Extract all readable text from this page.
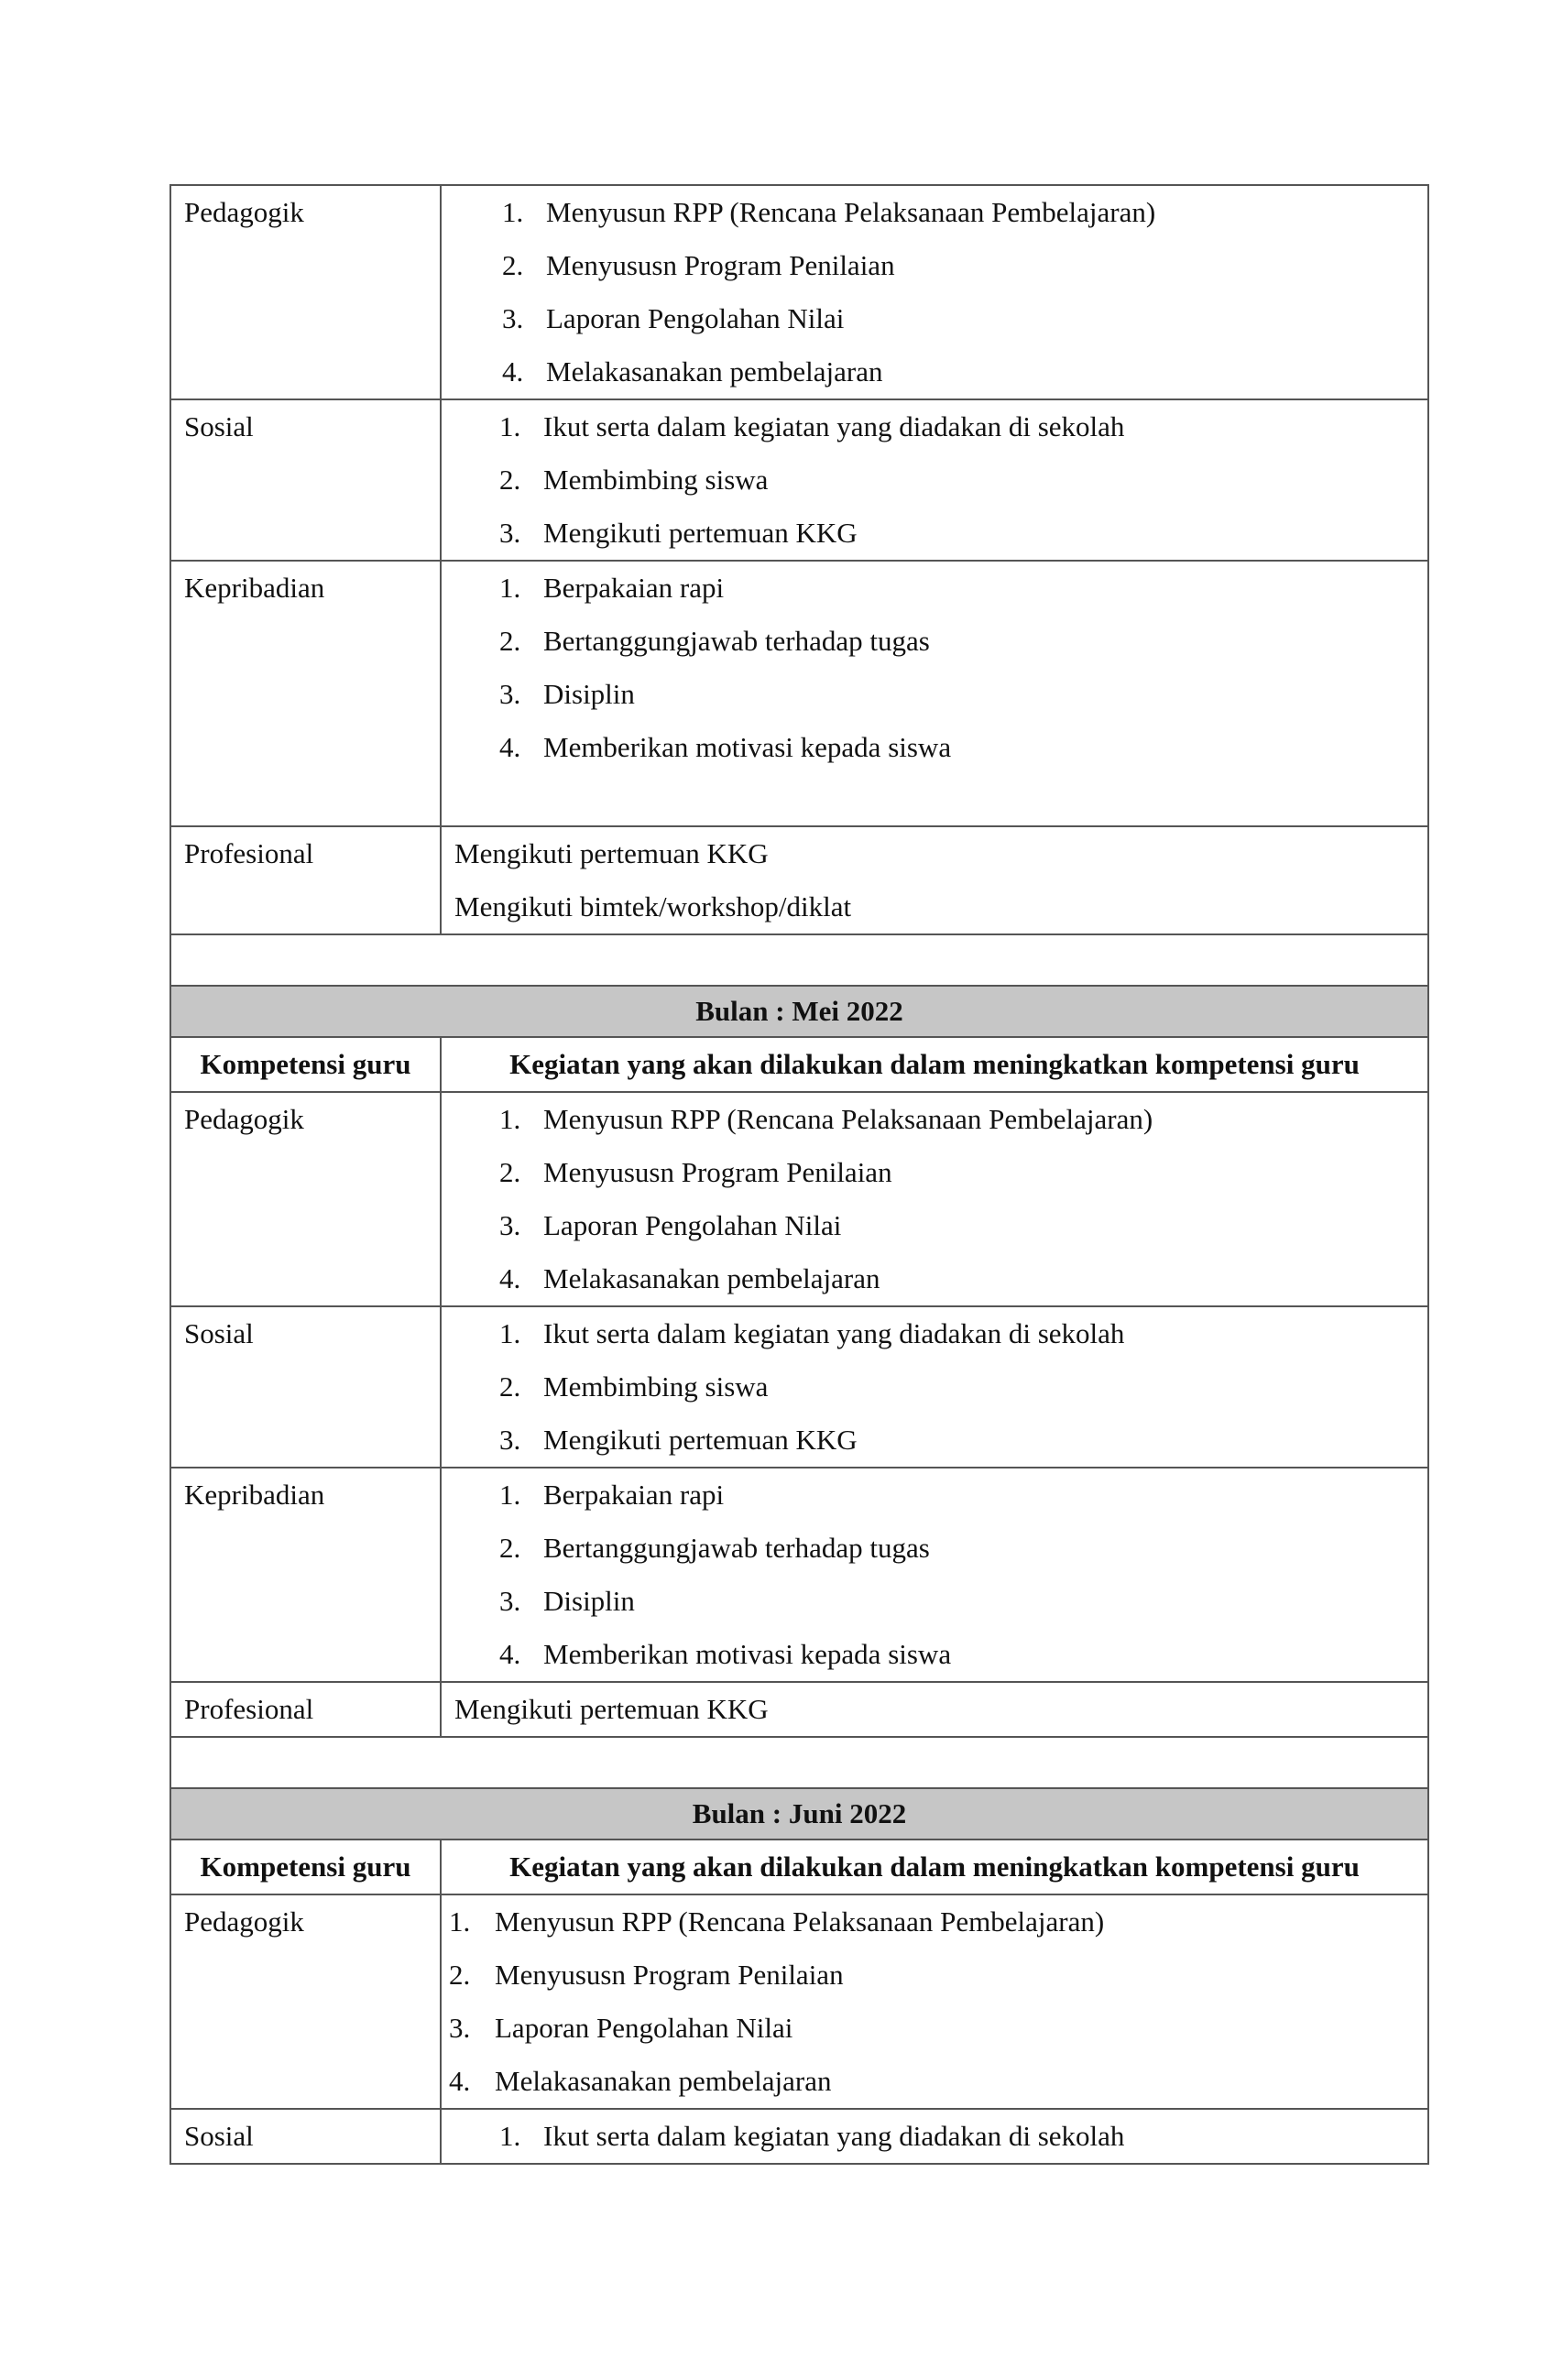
Pedagogik	1. Menyusun RPP (Rencana Pelaksanaan Pembelajaran)
2. Menyususn Program Penilaian
3. Laporan Pengolahan Nilai
4. Melakasanakan pembelajaran
Sosial	1. Ikut serta dalam kegiatan yang diadakan di sekolah
2. Membimbing siswa
3. Mengikuti pertemuan KKG
Kepribadian	1. Berpakaian rapi
2. Bertanggungjawab terhadap tugas
3. Disiplin
4. Memberikan motivasi kepada siswa
Profesional	Mengikuti pertemuan KKG
Mengikuti bimtek/workshop/diklat
Bulan : Mei 2022
Kompetensi guru	Kegiatan yang akan dilakukan dalam meningkatkan kompetensi guru
Pedagogik	1. Menyusun RPP (Rencana Pelaksanaan Pembelajaran)
2. Menyususn Program Penilaian
3. Laporan Pengolahan Nilai
4. Melakasanakan pembelajaran
Sosial	1. Ikut serta dalam kegiatan yang diadakan di sekolah
2. Membimbing siswa
3. Mengikuti pertemuan KKG
Kepribadian	1. Berpakaian rapi
2. Bertanggungjawab terhadap tugas
3. Disiplin
4. Memberikan motivasi kepada siswa
Profesional	Mengikuti pertemuan KKG
Bulan : Juni 2022
Kompetensi guru	Kegiatan yang akan dilakukan dalam meningkatkan kompetensi guru
Pedagogik	1. Menyusun RPP (Rencana Pelaksanaan Pembelajaran)
2. Menyususn Program Penilaian
3. Laporan Pengolahan Nilai
4. Melakasanakan pembelajaran
Sosial	1. Ikut serta dalam kegiatan yang diadakan di sekolah
